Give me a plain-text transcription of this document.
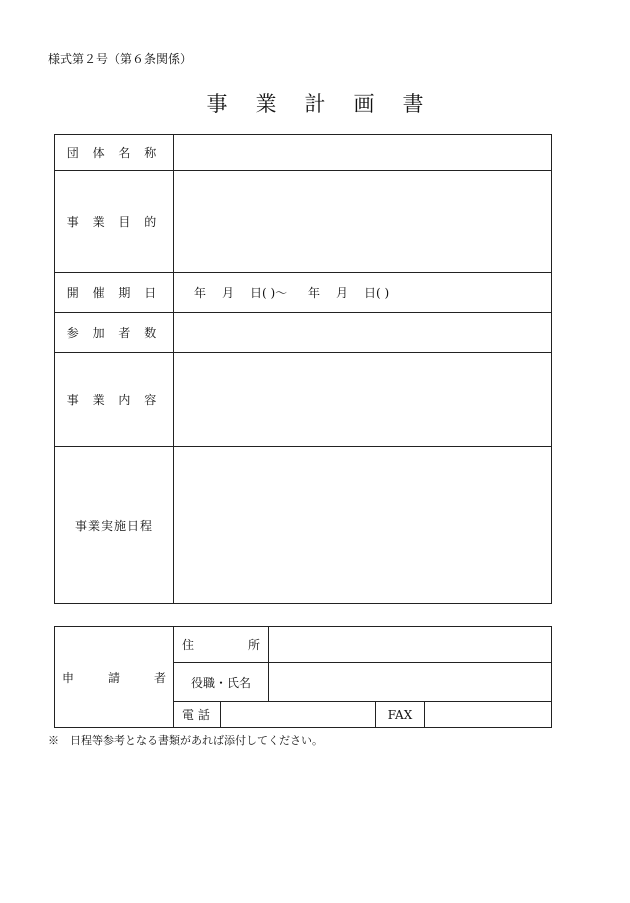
様式第２号（第６条関係）
事業計画書
団 体 名 称	
事 業 目 的	
開 催 期 日	年 月 日( )～ 年 月 日( )
参 加 者 数	
事 業 内 容	
事業実施日程	
申 請 者	住 所				

	役職・氏名				
	電 話			FAX	
※　日程等参考となる書類があれば添付してください。
